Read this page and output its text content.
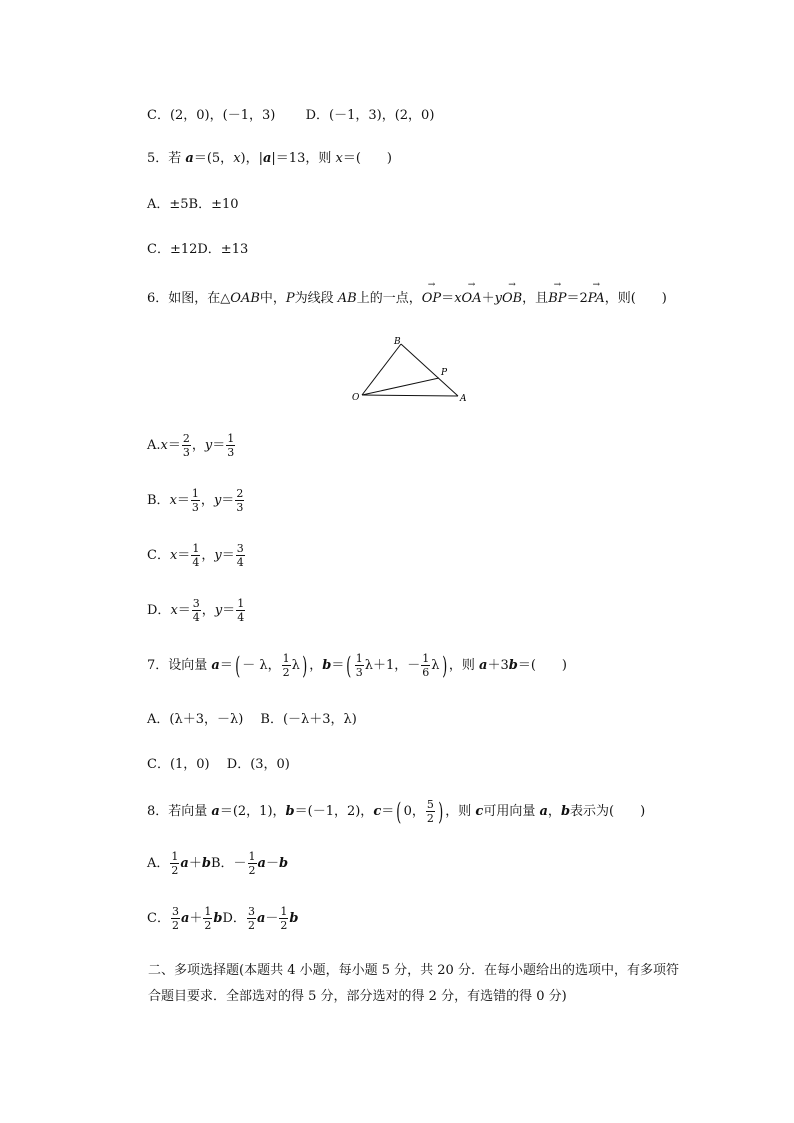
C．(2，0)，(－1，3) D．(－1，3)，(2，0)
5．若 a＝(5，x)，|a|＝13，则 x＝(　　)
A．±5B．±10
C．±12D．±13
6．如图，在△OAB中，P为线段 AB上的一点，→ OP＝x→ OA＋y→ OB，且→ BP＝2→ PA，则(　　)
B
P
O	A
$A.x= \frac{2}{3}$ ，$y= \frac{1}{3}$
B．$x= \frac{1}{3}$ ，$y= \frac{2}{3}$
C．$x= \frac{1}{4}$ ，$y= \frac{3}{4}$
D．$x= \frac{3}{4}$ ，$y= \frac{1}{4}$
7．设向量 a＝( － λ， $\frac{1}{2} \lambda$) ，$b=( \frac{1}{3} \lambda+1$，－ $\frac{1}{6} \lambda$) ，则 a＋3b＝(　　)
A．(λ＋3，－λ)　 B．(－λ＋3，λ)
C．(1，0)　 D．(3，0)
8．若向量 a＝(2，1)，b＝(－1，2)，c＝( 0， $\frac{5}{2}$ ) ，则 c可用向量 a，b表示为(　　)
A． $\frac{1}{2} a+bB$．－ $\frac{1}{2} a-b$
C． $\frac{3}{2} a+ \frac{1}{2}$ bD． $\frac{3}{2} a- \frac{1}{2}$ b
二、多项选择题(本题共 4 小题，每小题 5 分，共 20 分．在每小题给出的选项中，有多项符合题目要求．全部选对的得 5 分，部分选对的得 2 分，有选错的得 0 分)
